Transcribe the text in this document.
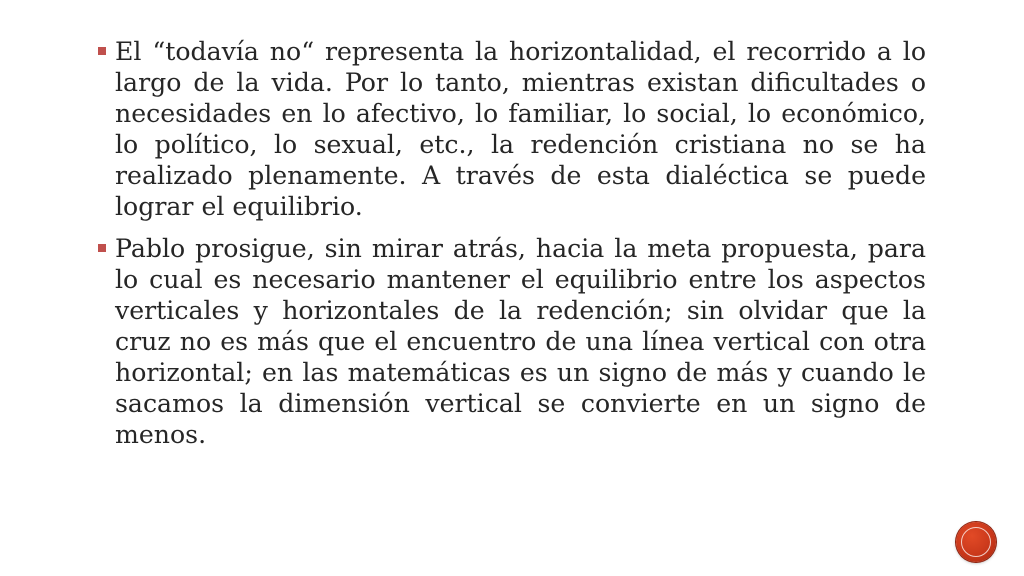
El “todavía no“ representa la horizontalidad, el recorrido a lo largo de la vida. Por lo tanto, mientras existan dificultades o necesidades en lo afectivo, lo familiar, lo social, lo económico, lo político, lo sexual, etc., la redención cristiana no se ha realizado plenamente. A través de esta dialéctica se puede lograr el equilibrio.
Pablo prosigue, sin mirar atrás, hacia la meta propuesta, para lo cual es necesario mantener el equilibrio entre los aspectos verticales y horizontales de la redención; sin olvidar que la cruz no es más que el encuentro de una línea vertical con otra horizontal; en las matemáticas es un signo de más y cuando le sacamos la dimensión vertical se convierte en un signo de menos.
